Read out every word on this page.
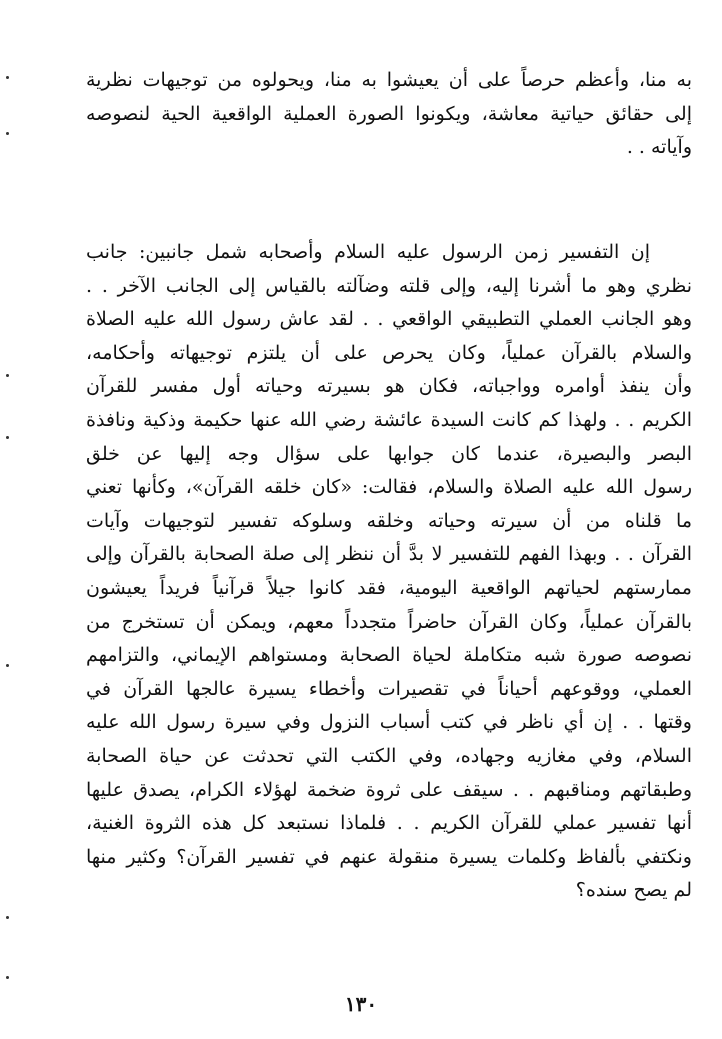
به منا، وأعظم حرصاً على أن يعيشوا به منا، ويحولوه من توجيهات نظرية
إلى حقائق حياتية معاشة، ويكونوا الصورة العملية الواقعية الحية لنصوصه
وآياته . .
إن التفسير زمن الرسول عليه السلام وأصحابه شمل جانبين: جانب
نظري وهو ما أشرنا إليه، وإلى قلته وضآلته بالقياس إلى الجانب الآخر . .
وهو الجانب العملي التطبيقي الواقعي . . لقد عاش رسول الله عليه الصلاة
والسلام بالقرآن عملياً، وكان يحرص على أن يلتزم توجيهاته وأحكامه،
وأن ينفذ أوامره وواجباته، فكان هو بسيرته وحياته أول مفسر للقرآن
الكريم . . ولهذا كم كانت السيدة عائشة رضي الله عنها حكيمة وذكية ونافذة
البصر والبصيرة، عندما كان جوابها على سؤال وجه إليها عن خلق
رسول الله عليه الصلاة والسلام، فقالت: «كان خلقه القرآن»، وكأنها تعني
ما قلناه من أن سيرته وحياته وخلقه وسلوكه تفسير لتوجيهات وآيات
القرآن . . وبهذا الفهم للتفسير لا بدَّ أن ننظر إلى صلة الصحابة بالقرآن وإلى
ممارستهم لحياتهم الواقعية اليومية، فقد كانوا جيلاً قرآنياً فريداً يعيشون
بالقرآن عملياً، وكان القرآن حاضراً متجدداً معهم، ويمكن أن تستخرج من
نصوصه صورة شبه متكاملة لحياة الصحابة ومستواهم الإيماني، والتزامهم
العملي، ووقوعهم أحياناً في تقصيرات وأخطاء يسيرة عالجها القرآن في
وقتها . . إن أي ناظر في كتب أسباب النزول وفي سيرة رسول الله عليه
السلام، وفي مغازيه وجهاده، وفي الكتب التي تحدثت عن حياة الصحابة
وطبقاتهم ومناقبهم . . سيقف على ثروة ضخمة لهؤلاء الكرام، يصدق عليها
أنها تفسير عملي للقرآن الكريم . . فلماذا نستبعد كل هذه الثروة الغنية،
ونكتفي بألفاظ وكلمات يسيرة منقولة عنهم في تفسير القرآن؟ وكثير منها
لم يصح سنده؟
١٣٠
